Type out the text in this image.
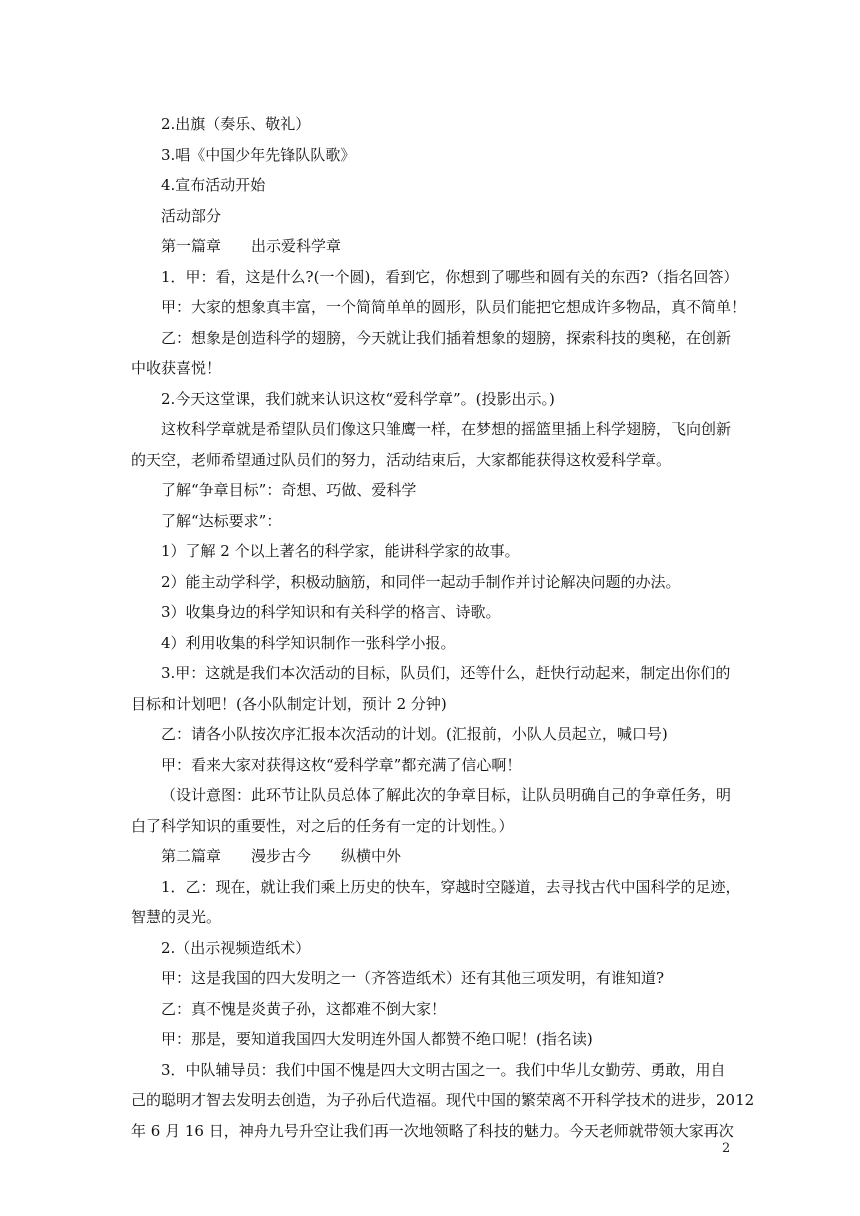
2.出旗（奏乐、敬礼）
3.唱《中国少年先锋队队歌》
4.宣布活动开始
活动部分
第一篇章　　出示爱科学章
1．甲：看，这是什么?(一个圆)，看到它，你想到了哪些和圆有关的东西?（指名回答）
甲：大家的想象真丰富，一个简简单单的圆形，队员们能把它想成许多物品，真不简单！
乙：想象是创造科学的翅膀，今天就让我们插着想象的翅膀，探索科技的奥秘，在创新
中收获喜悦！
2.今天这堂课，我们就来认识这枚“爱科学章”。(投影出示。)
这枚科学章就是希望队员们像这只雏鹰一样，在梦想的摇篮里插上科学翅膀，飞向创新
的天空，老师希望通过队员们的努力，活动结束后，大家都能获得这枚爱科学章。
了解“争章目标”：奇想、巧做、爱科学
了解“达标要求”：
1）了解 2 个以上著名的科学家，能讲科学家的故事。
2）能主动学科学，积极动脑筋，和同伴一起动手制作并讨论解决问题的办法。
3）收集身边的科学知识和有关科学的格言、诗歌。
4）利用收集的科学知识制作一张科学小报。
3.甲：这就是我们本次活动的目标，队员们，还等什么，赶快行动起来，制定出你们的
目标和计划吧！(各小队制定计划，预计 2 分钟)
乙：请各小队按次序汇报本次活动的计划。(汇报前，小队人员起立，喊口号)
甲：看来大家对获得这枚“爱科学章”都充满了信心啊！
（设计意图：此环节让队员总体了解此次的争章目标，让队员明确自己的争章任务，明
白了科学知识的重要性，对之后的任务有一定的计划性。）
第二篇章　　漫步古今　　纵横中外
1．乙：现在，就让我们乘上历史的快车，穿越时空隧道，去寻找古代中国科学的足迹，
智慧的灵光。
2.（出示视频造纸术）
甲：这是我国的四大发明之一（齐答造纸术）还有其他三项发明，有谁知道?
乙：真不愧是炎黄子孙，这都难不倒大家！
甲：那是，要知道我国四大发明连外国人都赞不绝口呢！(指名读)
3．中队辅导员：我们中国不愧是四大文明古国之一。我们中华儿女勤劳、勇敢，用自
己的聪明才智去发明去创造，为子孙后代造福。现代中国的繁荣离不开科学技术的进步，2012
年 6 月 16 日，神舟九号升空让我们再一次地领略了科技的魅力。今天老师就带领大家再次
2
